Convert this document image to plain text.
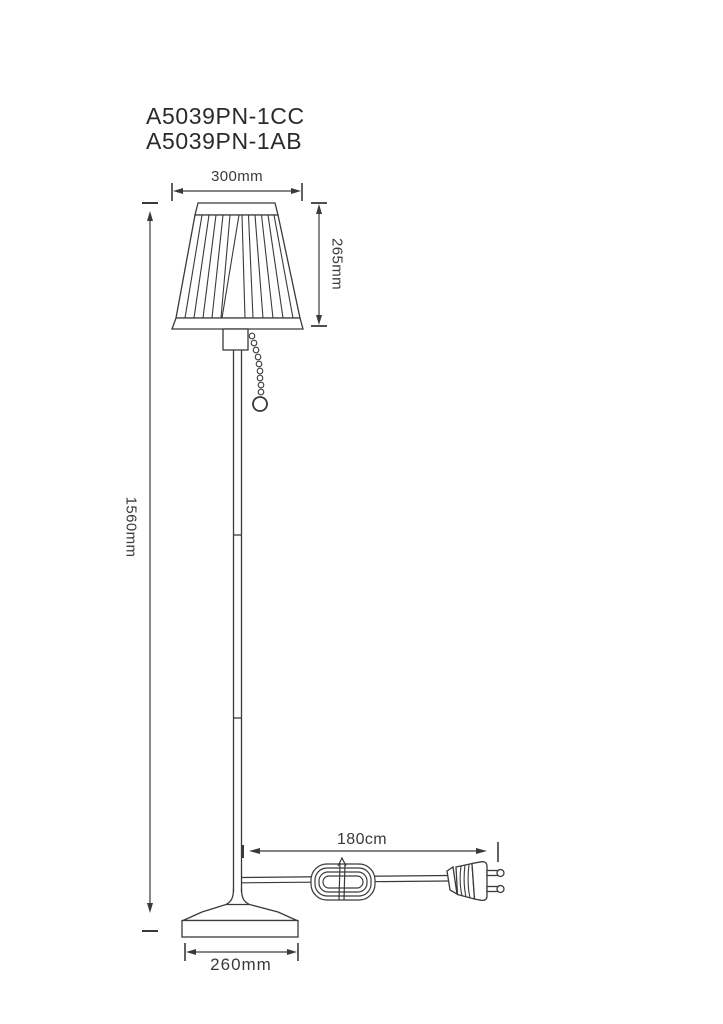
A5039PN-1CC
A5039PN-1AB
300mm
265mm
1560mm
180cm
260mm
